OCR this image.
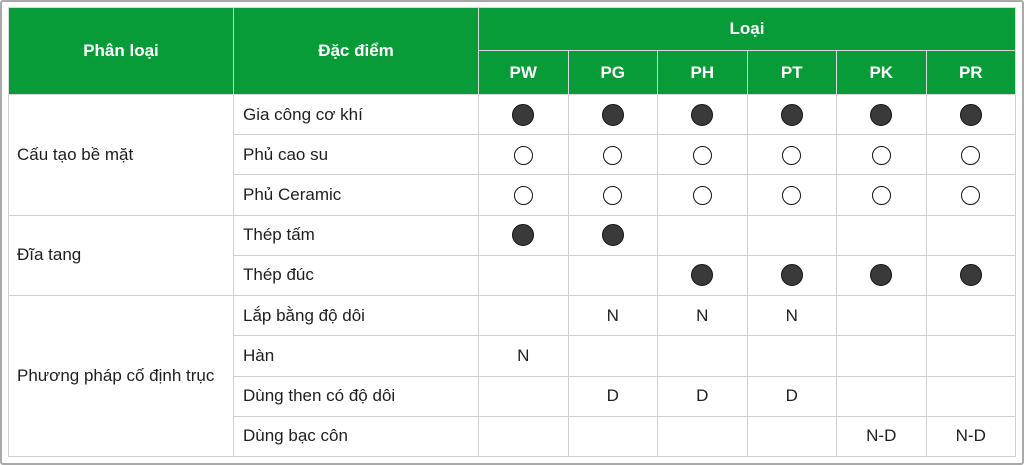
Phân loại	Đặc điểm	Loại					
		PW	PG	PH	PT	PK	PR
Cấu tạo bề mặt	Gia công cơ khí						
	Phủ cao su						
	Phủ Ceramic						
Đĩa tang	Thép tấm						
	Thép đúc						
Phương pháp cố định trục	Lắp bằng độ dôi		N	N	N		
	Hàn	N					
	Dùng then có độ dôi		D	D	D		
	Dùng bạc côn					N-D	N-D
